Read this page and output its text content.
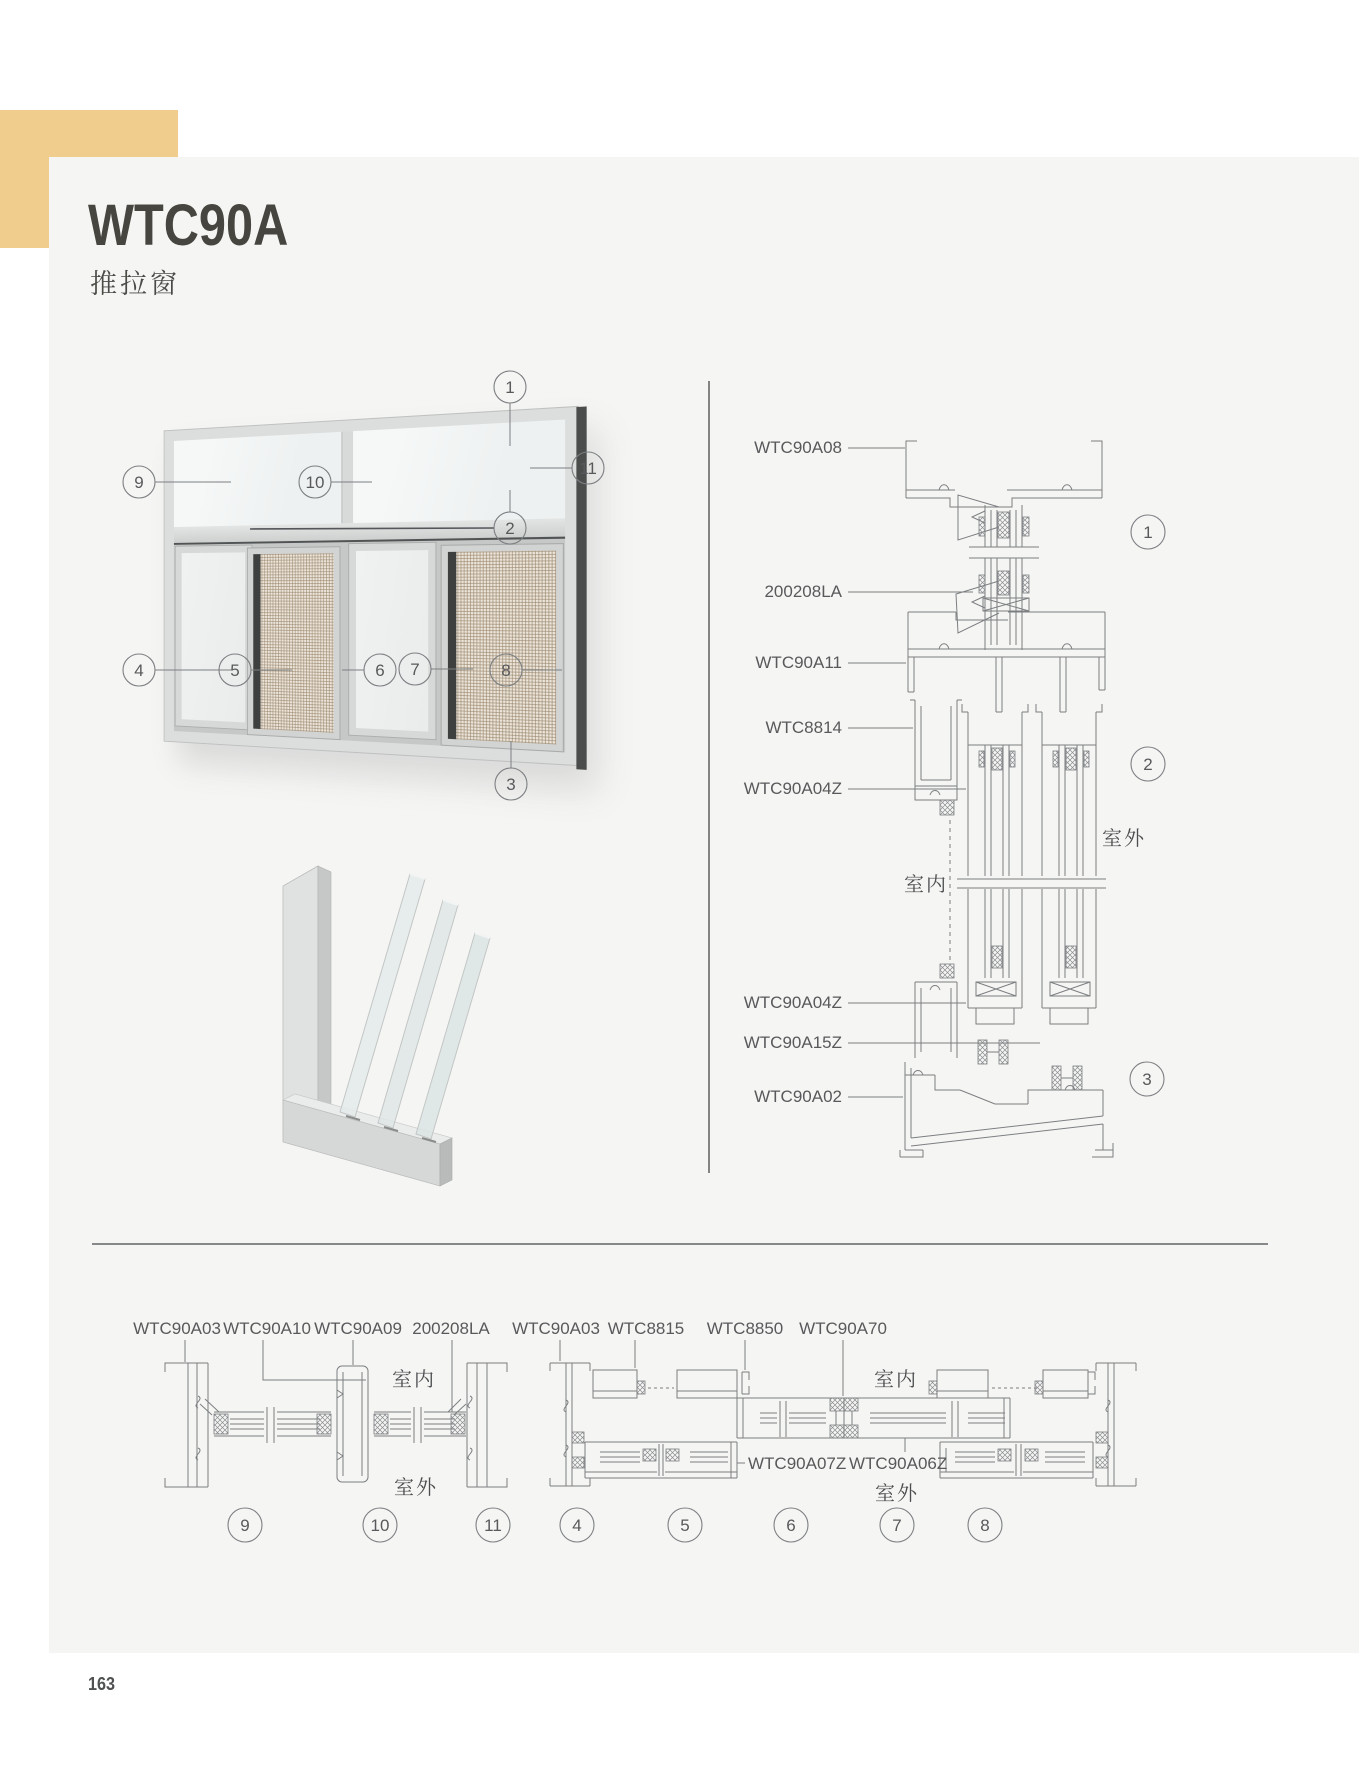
WTC90A
推拉窗
1
11
2
3
9	10
4	5	6 7	8
WTC90A08
200208LA
WTC90A11
WTC8814
WTC90A04Z
WTC90A04Z
WTC90A15Z
WTC90A02
室内
室外
1
2
3
WTC90A03 WTC90A10 WTC90A09 200208LA
室内
室外
9	10	11
WTC90A03 WTC8815 WTC8850 WTC90A70
WTC90A07Z WTC90A06Z
室内
室外
4	5	6	7	8
163
